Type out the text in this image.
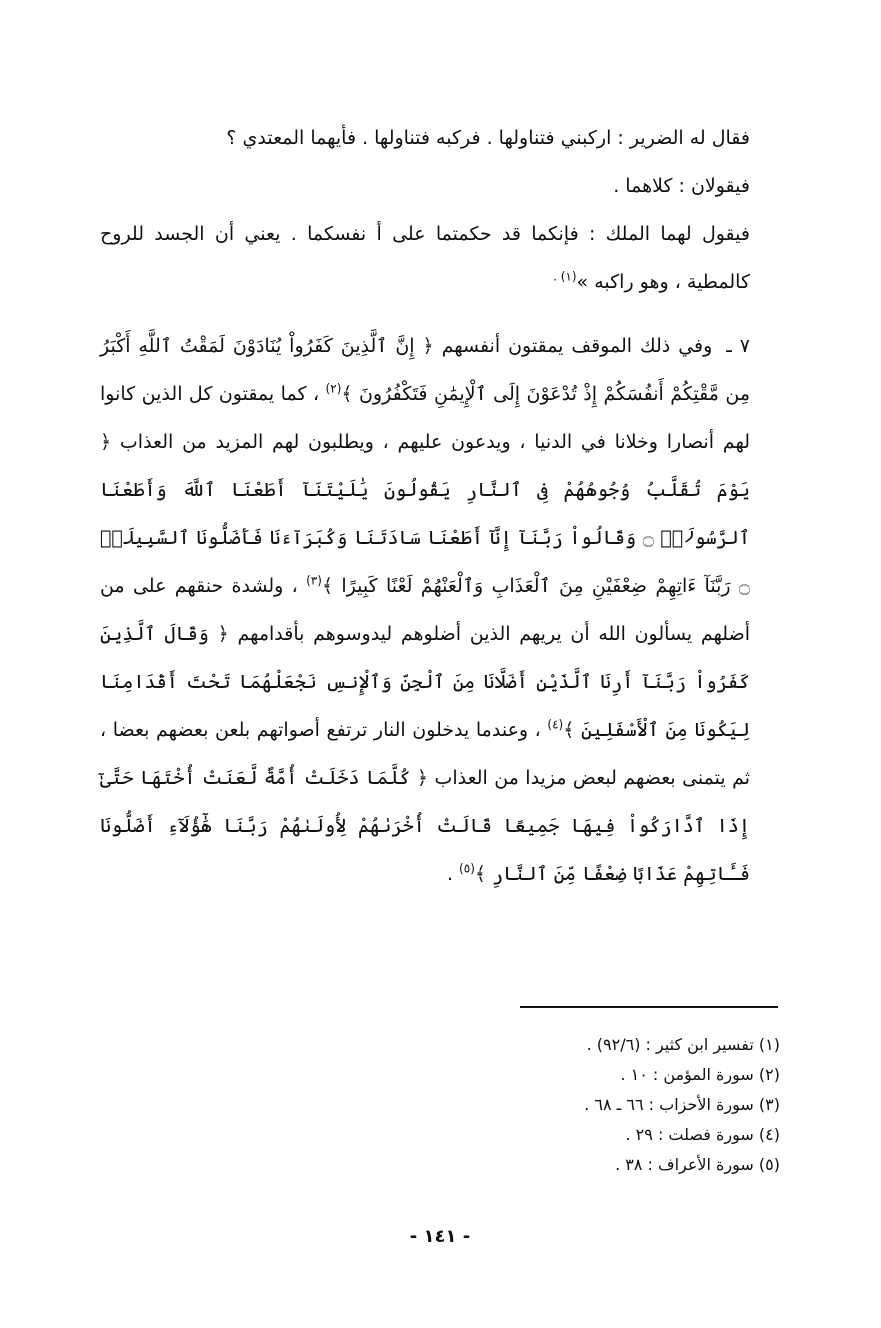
فقال له الضرير : اركبني فتناولها . فركبه فتناولها . فأيهما المعتدي ؟
فيقولان : كلاهما .
فيقول لهما الملك : فإنكما قد حكمتما على أ نفسكما . يعني أن الجسد للروح كالمطية ، وهو راكبه »$^{(١) .}$
٧ ـ وفي ذلك الموقف يمقتون أنفسهم ﴿ إِنَّ ٱلَّذِينَ كَفَرُواْ يُنَادَوْنَ لَمَقْتُ ٱللَّهِ أَكْبَرُ مِن مَّقْتِكُمْ أَنفُسَكُمْ إِذْ تُدْعَوْنَ إِلَى ٱلْإِيمَٰنِ فَتَكْفُرُونَ ﴾$^{(٢)}$ ، كما يمقتون كل الذين كانوا لهم أنصارا وخلانا في الدنيا ، ويدعون عليهم ، ويطلبون لهم المزيد من العذاب ﴿ يَوْمَ تُقَلَّبُ وُجُوهُهُمْ فِى ٱلنَّارِ يَقُولُونَ يَٰلَيْتَنَآ أَطَعْنَا ٱللَّهَ وَأَطَعْنَا ٱلرَّسُولَا۠ ۝ وَقَالُواْ رَبَّنَآ إِنَّآ أَطَعْنَا سَادَتَنَا وَكُبَرَآءَنَا فَأَضَلُّونَا ٱلسَّبِيلَا۠ ۝ رَبَّنَآ ءَاتِهِمْ ضِعْفَيْنِ مِنَ ٱلْعَذَابِ وَٱلْعَنْهُمْ لَعْنًا كَبِيرًا ﴾$^{(٣)}$ ، ولشدة حنقهم على من أضلهم يسألون الله أن يريهم الذين أضلوهم ليدوسوهم بأقدامهم ﴿ وَقَالَ ٱلَّذِينَ كَفَرُواْ رَبَّنَآ أَرِنَا ٱلَّذَيْنِ أَضَلَّانَا مِنَ ٱلْجِنِّ وَٱلْإِنسِ نَجْعَلْهُمَا تَحْتَ أَقْدَامِنَا لِيَكُونَا مِنَ ٱلْأَسْفَلِينَ ﴾$^{(٤)}$ ، وعندما يدخلون النار ترتفع أصواتهم بلعن بعضهم بعضا ، ثم يتمنى بعضهم لبعض مزيدا من العذاب ﴿ كُلَّمَا دَخَلَتْ أُمَّةٌ لَّعَنَتْ أُخْتَهَا حَتَّىٰٓ إِذَا ٱدَّارَكُواْ فِيهَا جَمِيعًا قَالَتْ أُخْرَىٰهُمْ لِأُولَىٰهُمْ رَبَّنَا هَٰٓؤُلَآءِ أَضَلُّونَا فَـَٔاتِهِمْ عَذَابًا ضِعْفًا مِّنَ ٱلنَّارِ ﴾$^{(٥)}$ .
(١) تفسير ابن كثير : (٩٢/٦) .
(٢) سورة المؤمن : ١٠ .
(٣) سورة الأحزاب : ٦٦ ـ ٦٨ .
(٤) سورة فصلت : ٢٩ .
(٥) سورة الأعراف : ٣٨ .
- ١٤١ -
